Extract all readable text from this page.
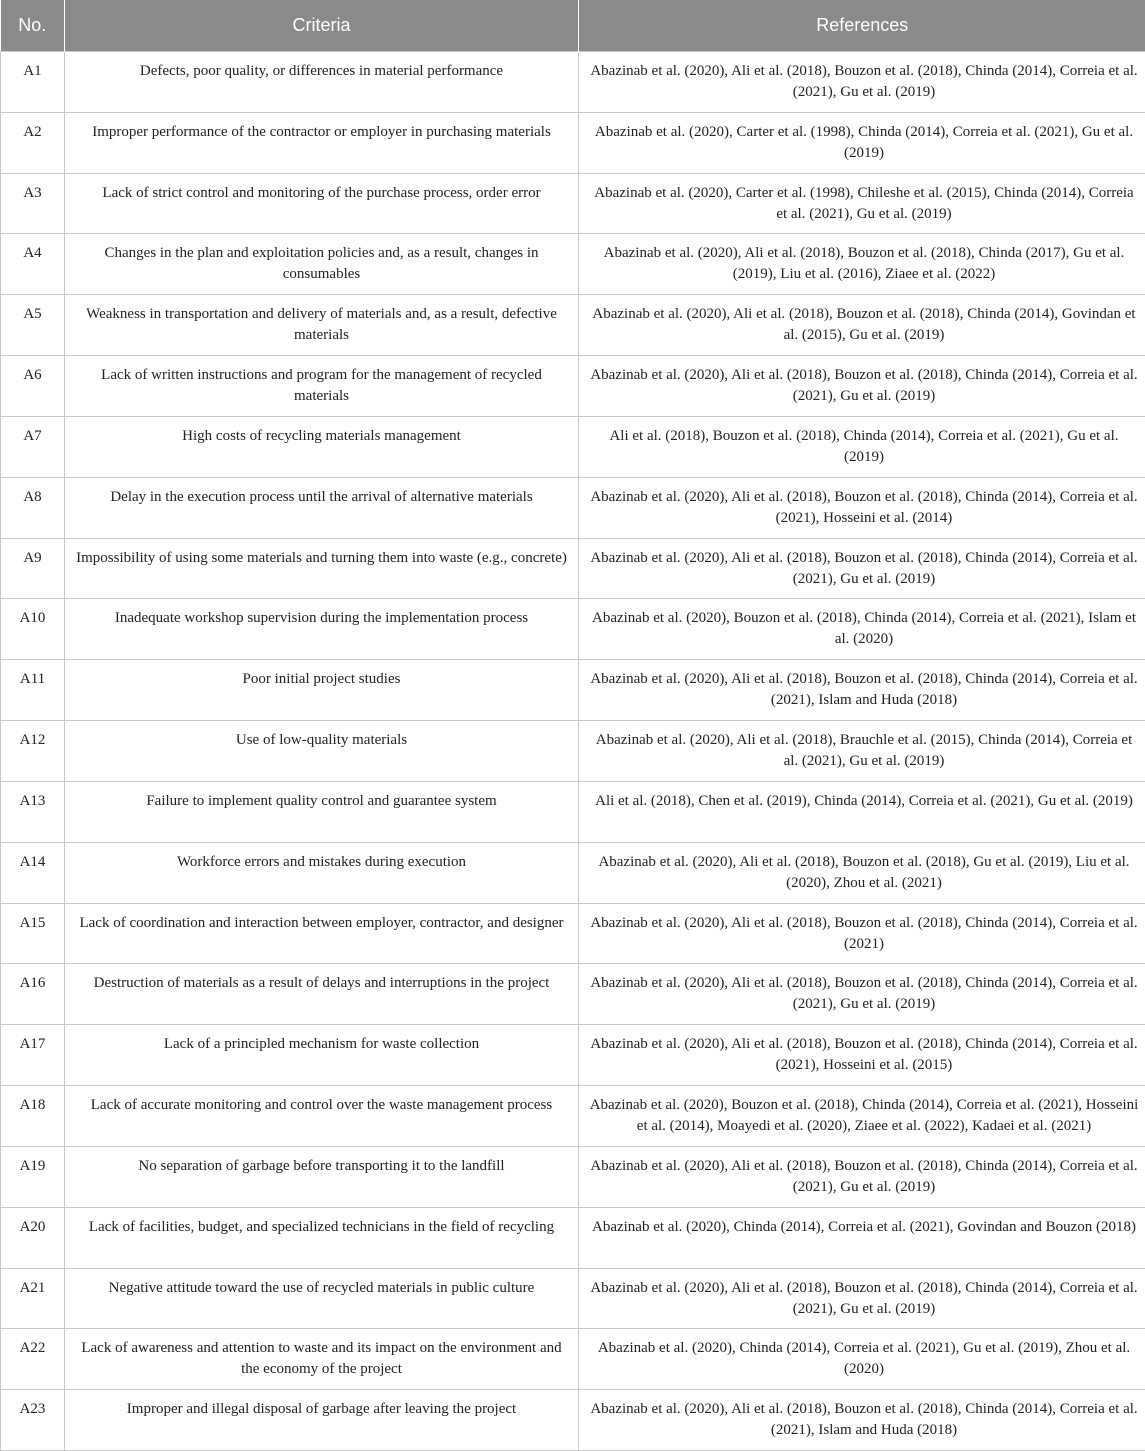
No.	Criteria	References
A1	Defects, poor quality, or differences in material performance	Abazinab et al. (2020), Ali et al. (2018), Bouzon et al. (2018), Chinda (2014), Correia et al. (2021), Gu et al. (2019)
A2	Improper performance of the contractor or employer in purchasing materials	Abazinab et al. (2020), Carter et al. (1998), Chinda (2014), Correia et al. (2021), Gu et al. (2019)
A3	Lack of strict control and monitoring of the purchase process, order error	Abazinab et al. (2020), Carter et al. (1998), Chileshe et al. (2015), Chinda (2014), Correia et al. (2021), Gu et al. (2019)
A4	Changes in the plan and exploitation policies and, as a result, changes in consumables	Abazinab et al. (2020), Ali et al. (2018), Bouzon et al. (2018), Chinda (2017), Gu et al. (2019), Liu et al. (2016), Ziaee et al. (2022)
A5	Weakness in transportation and delivery of materials and, as a result, defective materials	Abazinab et al. (2020), Ali et al. (2018), Bouzon et al. (2018), Chinda (2014), Govindan et al. (2015), Gu et al. (2019)
A6	Lack of written instructions and program for the management of recycled materials	Abazinab et al. (2020), Ali et al. (2018), Bouzon et al. (2018), Chinda (2014), Correia et al. (2021), Gu et al. (2019)
A7	High costs of recycling materials management	Ali et al. (2018), Bouzon et al. (2018), Chinda (2014), Correia et al. (2021), Gu et al. (2019)
A8	Delay in the execution process until the arrival of alternative materials	Abazinab et al. (2020), Ali et al. (2018), Bouzon et al. (2018), Chinda (2014), Correia et al. (2021), Hosseini et al. (2014)
A9	Impossibility of using some materials and turning them into waste (e.g., concrete)	Abazinab et al. (2020), Ali et al. (2018), Bouzon et al. (2018), Chinda (2014), Correia et al. (2021), Gu et al. (2019)
A10	Inadequate workshop supervision during the implementation process	Abazinab et al. (2020), Bouzon et al. (2018), Chinda (2014), Correia et al. (2021), Islam et al. (2020)
A11	Poor initial project studies	Abazinab et al. (2020), Ali et al. (2018), Bouzon et al. (2018), Chinda (2014), Correia et al. (2021), Islam and Huda (2018)
A12	Use of low-quality materials	Abazinab et al. (2020), Ali et al. (2018), Brauchle et al. (2015), Chinda (2014), Correia et al. (2021), Gu et al. (2019)
A13	Failure to implement quality control and guarantee system	Ali et al. (2018), Chen et al. (2019), Chinda (2014), Correia et al. (2021), Gu et al. (2019)
A14	Workforce errors and mistakes during execution	Abazinab et al. (2020), Ali et al. (2018), Bouzon et al. (2018), Gu et al. (2019), Liu et al. (2020), Zhou et al. (2021)
A15	Lack of coordination and interaction between employer, contractor, and designer	Abazinab et al. (2020), Ali et al. (2018), Bouzon et al. (2018), Chinda (2014), Correia et al. (2021)
A16	Destruction of materials as a result of delays and interruptions in the project	Abazinab et al. (2020), Ali et al. (2018), Bouzon et al. (2018), Chinda (2014), Correia et al. (2021), Gu et al. (2019)
A17	Lack of a principled mechanism for waste collection	Abazinab et al. (2020), Ali et al. (2018), Bouzon et al. (2018), Chinda (2014), Correia et al. (2021), Hosseini et al. (2015)
A18	Lack of accurate monitoring and control over the waste management process	Abazinab et al. (2020), Bouzon et al. (2018), Chinda (2014), Correia et al. (2021), Hosseini et al. (2014), Moayedi et al. (2020), Ziaee et al. (2022), Kadaei et al. (2021)
A19	No separation of garbage before transporting it to the landfill	Abazinab et al. (2020), Ali et al. (2018), Bouzon et al. (2018), Chinda (2014), Correia et al. (2021), Gu et al. (2019)
A20	Lack of facilities, budget, and specialized technicians in the field of recycling	Abazinab et al. (2020), Chinda (2014), Correia et al. (2021), Govindan and Bouzon (2018)
A21	Negative attitude toward the use of recycled materials in public culture	Abazinab et al. (2020), Ali et al. (2018), Bouzon et al. (2018), Chinda (2014), Correia et al. (2021), Gu et al. (2019)
A22	Lack of awareness and attention to waste and its impact on the environment and the economy of the project	Abazinab et al. (2020), Chinda (2014), Correia et al. (2021), Gu et al. (2019), Zhou et al. (2020)
A23	Improper and illegal disposal of garbage after leaving the project	Abazinab et al. (2020), Ali et al. (2018), Bouzon et al. (2018), Chinda (2014), Correia et al. (2021), Islam and Huda (2018)
